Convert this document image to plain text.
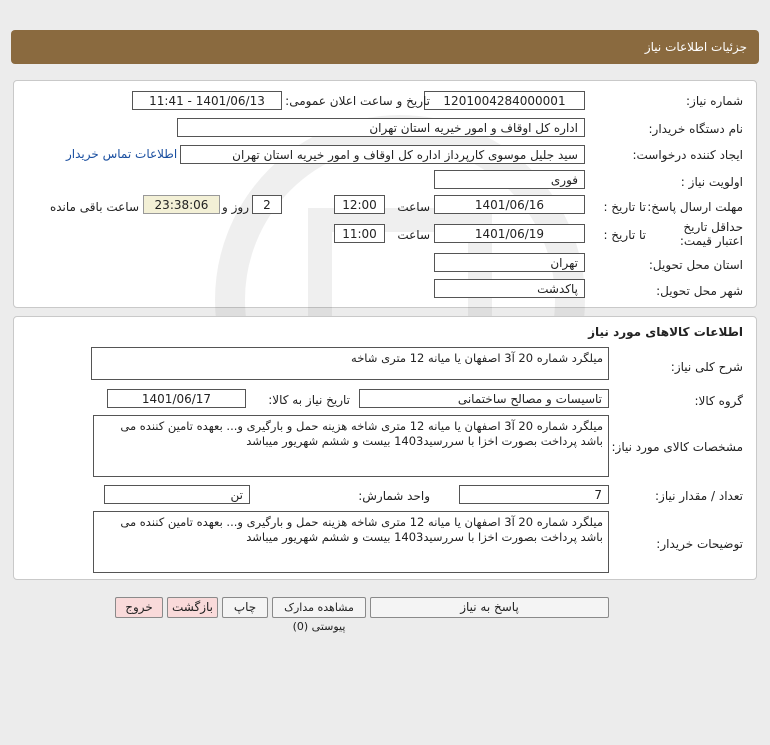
جزئیات اطلاعات نیاز
شماره نیاز:
1201004284000001
تاریخ و ساعت اعلان عمومی:
1401/06/13 - 11:41
نام دستگاه خریدار:
اداره کل اوقاف و امور خیریه استان تهران
ایجاد کننده درخواست:
سید جلیل موسوی کارپرداز اداره کل اوقاف و امور خیریه استان تهران
اطلاعات تماس خریدار
اولویت نیاز :
فوری
مهلت ارسال پاسخ:
تا تاریخ :
1401/06/16
ساعت
12:00
2
روز و
23:38:06
ساعت باقی مانده
حداقل تاریخ اعتبار قیمت:
تا تاریخ :
1401/06/19
ساعت
11:00
استان محل تحویل:
تهران
شهر محل تحویل:
پاکدشت
اطلاعات کالاهای مورد نیاز
شرح کلی نیاز:
میلگرد شماره 20 آ3 اصفهان یا میانه 12 متری شاخه
گروه کالا:
تاسیسات و مصالح ساختمانی
تاریخ نیاز به کالا:
1401/06/17
مشخصات کالای مورد نیاز:
میلگرد شماره 20 آ3 اصفهان یا میانه 12 متری شاخه هزینه حمل و بارگیری و... بعهده تامین کننده می باشد پرداخت بصورت اخزا با سررسید1403 بیست و ششم شهریور میباشد
تعداد / مقدار نیاز:
7
واحد شمارش:
تن
توضیحات خریدار:
میلگرد شماره 20 آ3 اصفهان یا میانه 12 متری شاخه هزینه حمل و بارگیری و... بعهده تامین کننده می باشد پرداخت بصورت اخزا با سررسید1403 بیست و ششم شهریور میباشد
پاسخ به نیاز
مشاهده مدارک پیوستی (0)
چاپ
بازگشت
خروج
